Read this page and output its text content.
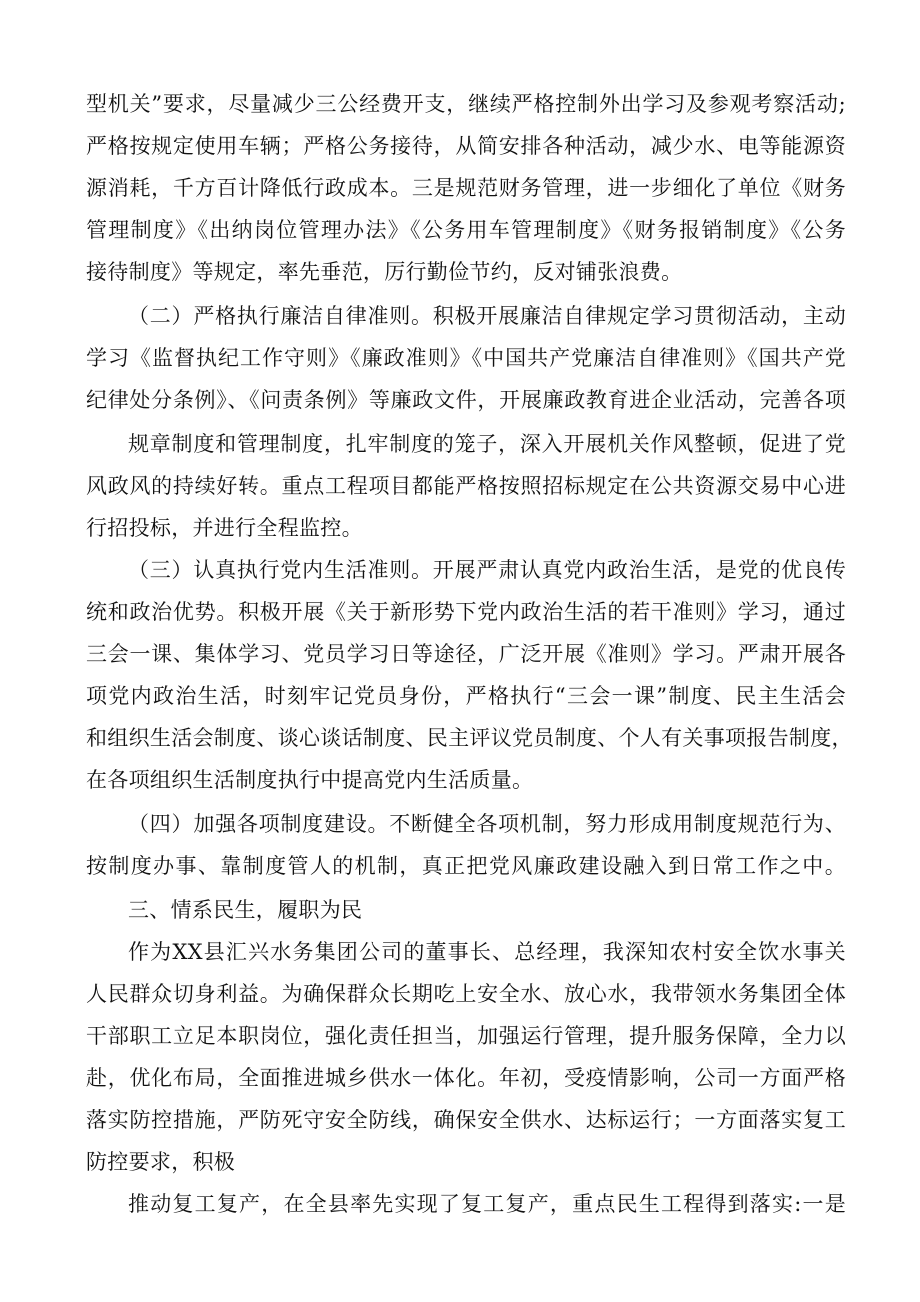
型机关”要求，尽量减少三公经费开支，继续严格控制外出学习及参观考察活动;
严格按规定使用车辆；严格公务接待，从简安排各种活动，减少水、电等能源资
源消耗，千方百计降低行政成本。三是规范财务管理，进一步细化了单位《财务
管理制度》《出纳岗位管理办法》《公务用车管理制度》《财务报销制度》《公务
接待制度》等规定，率先垂范，厉行勤俭节约，反对铺张浪费。
（二）严格执行廉洁自律准则。积极开展廉洁自律规定学习贯彻活动，主动
学习《监督执纪工作守则》《廉政准则》《中国共产党廉洁自律准则》《国共产党
纪律处分条例》、《问责条例》等廉政文件，开展廉政教育进企业活动，完善各项
规章制度和管理制度，扎牢制度的笼子，深入开展机关作风整顿，促进了党
风政风的持续好转。重点工程项目都能严格按照招标规定在公共资源交易中心进
行招投标，并进行全程监控。
（三）认真执行党内生活准则。开展严肃认真党内政治生活，是党的优良传
统和政治优势。积极开展《关于新形势下党内政治生活的若干准则》学习，通过
三会一课、集体学习、党员学习日等途径，广泛开展《准则》学习。严肃开展各
项党内政治生活，时刻牢记党员身份，严格执行“三会一课”制度、民主生活会
和组织生活会制度、谈心谈话制度、民主评议党员制度、个人有关事项报告制度，
在各项组织生活制度执行中提高党内生活质量。
（四）加强各项制度建设。不断健全各项机制，努力形成用制度规范行为、
按制度办事、靠制度管人的机制，真正把党风廉政建设融入到日常工作之中。
三、情系民生，履职为民
作为XX县汇兴水务集团公司的董事长、总经理，我深知农村安全饮水事关
人民群众切身利益。为确保群众长期吃上安全水、放心水，我带领水务集团全体
干部职工立足本职岗位，强化责任担当，加强运行管理，提升服务保障，全力以
赴，优化布局，全面推进城乡供水一体化。年初，受疫情影响，公司一方面严格
落实防控措施，严防死守安全防线，确保安全供水、达标运行；一方面落实复工
防控要求，积极
推动复工复产，在全县率先实现了复工复产，重点民生工程得到落实:一是
